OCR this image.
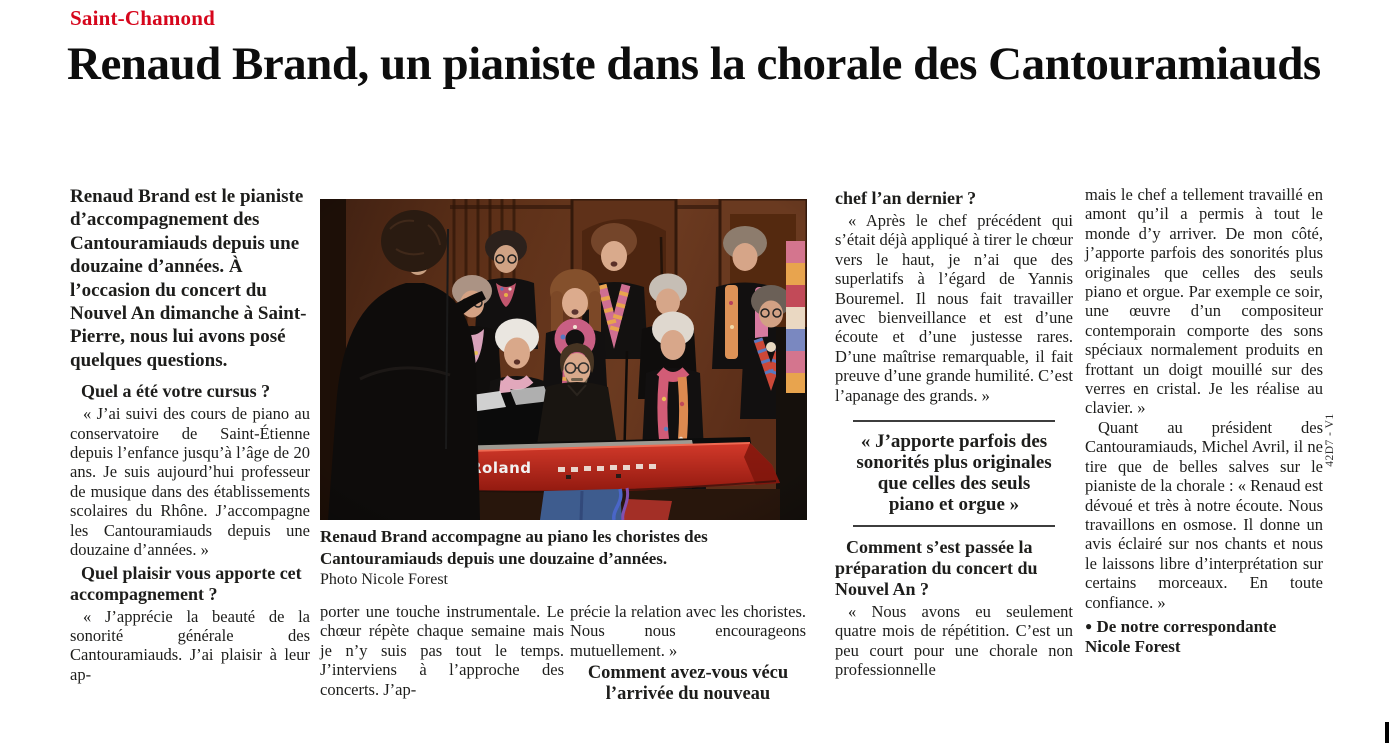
Saint-Chamond
Renaud Brand, un pianiste dans la chorale des Cantouramiauds

Renaud Brand est le pianiste d’accompagnement des Cantouramiauds depuis une douzaine d’années. À l’occasion du concert du Nouvel An dimanche à Saint-Pierre, nous lui avons posé quelques questions.

Quel a été votre cursus ?

« J’ai suivi des cours de piano au conservatoire de Saint-Étienne depuis l’enfance jusqu’à l’âge de 20 ans. Je suis aujourd’hui professeur de musique dans des établissements scolaires du Rhône. J’accompagne les Cantouramiauds depuis une douzaine d’années. »

Quel plaisir vous apporte cet accompagnement ?

« J’apprécie la beauté de la sonorité générale des Cantouramiauds. J’ai plaisir à leur ap-

Renaud Brand accompagne au piano les choristes des Cantouramiauds depuis une douzaine d’années.
Photo Nicole Forest

porter une touche instrumentale. Le chœur répète chaque semaine mais je n’y suis pas tout le temps. J’interviens à l’approche des concerts. J’ap-

précie la relation avec les choristes. Nous nous encourageons mutuellement. »

Comment avez-vous vécu l’arrivée du nouveau

chef l’an dernier ?

« Après le chef précédent qui s’était déjà appliqué à tirer le chœur vers le haut, je n’ai que des superlatifs à l’égard de Yannis Bouremel. Il nous fait travailler avec bienveillance et est d’une écoute et d’une justesse rares. D’une maîtrise remarquable, il fait preuve d’une grande humilité. C’est l’apanage des grands. »

« J’apporte parfois des sonorités plus originales que celles des seuls piano et orgue »

Comment s’est passée la préparation du concert du Nouvel An ?

« Nous avons eu seulement quatre mois de répétition. C’est un peu court pour une chorale non professionnelle

mais le chef a tellement travaillé en amont qu’il a permis à tout le monde d’y arriver. De mon côté, j’apporte parfois des sonorités plus originales que celles des seuls piano et orgue. Par exemple ce soir, une œuvre d’un compositeur contemporain comporte des sons spéciaux normalement produits en frottant un doigt mouillé sur des verres en cristal. Je les réalise au clavier. »

Quant au président des Cantouramiauds, Michel Avril, il ne tire que de belles salves sur le pianiste de la chorale : « Renaud est dévoué et très à notre écoute. Nous travaillons en osmose. Il donne un avis éclairé sur nos chants et nous le laissons libre d’interprétation sur certains morceaux. En toute confiance. »

● De notre correspondante
Nicole Forest

42D7 - V1
